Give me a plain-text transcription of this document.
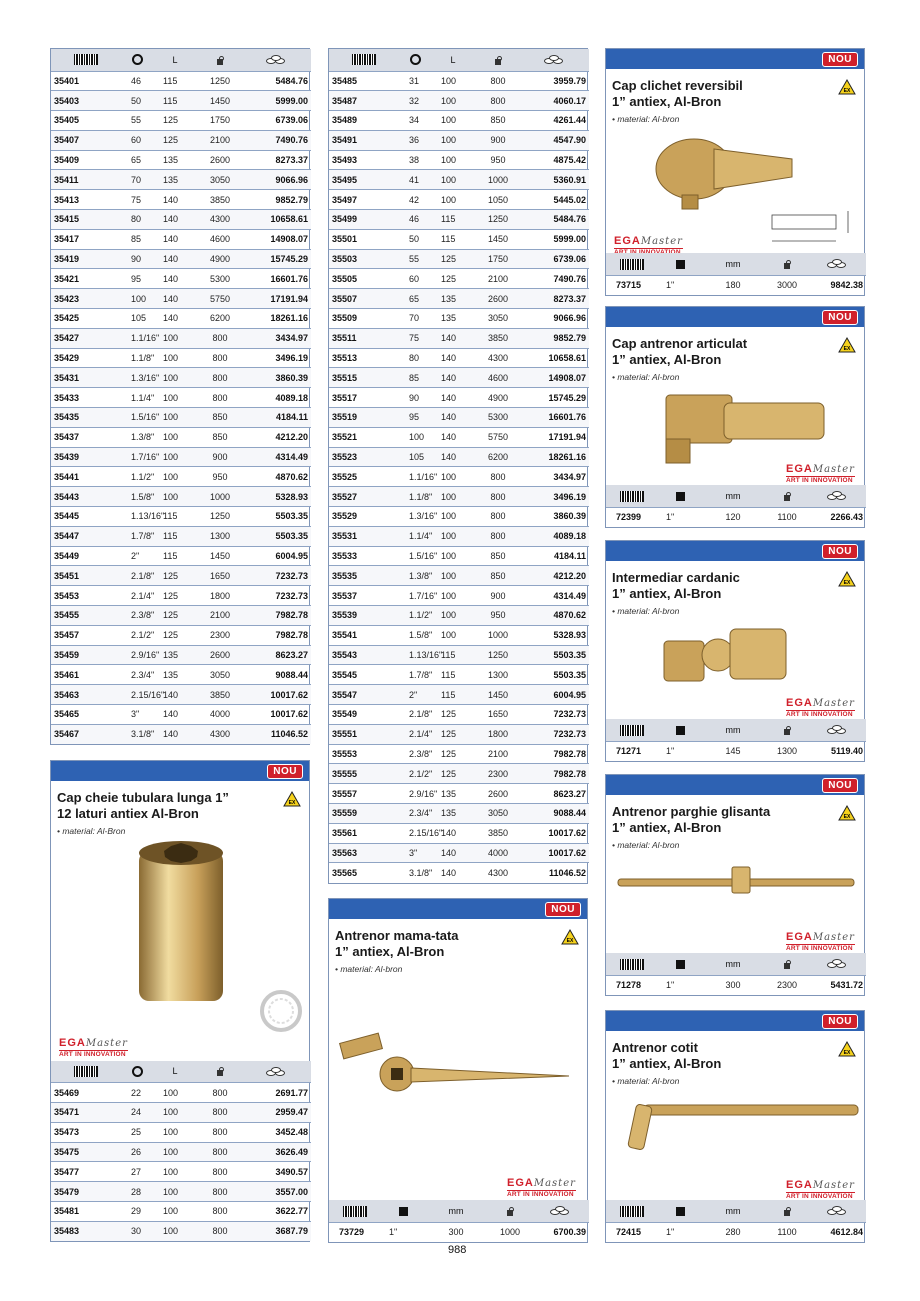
		L		

35401	46	115	1250	5484.76
35403	50	115	1450	5999.00
35405	55	125	1750	6739.06
35407	60	125	2100	7490.76
35409	65	135	2600	8273.37
35411	70	135	3050	9066.96
35413	75	140	3850	9852.79
35415	80	140	4300	10658.61
35417	85	140	4600	14908.07
35419	90	140	4900	15745.29
35421	95	140	5300	16601.76
35423	100	140	5750	17191.94
35425	105	140	6200	18261.16
35427	1.1/16"	100	800	3434.97
35429	1.1/8"	100	800	3496.19
35431	1.3/16"	100	800	3860.39
35433	1.1/4"	100	800	4089.18
35435	1.5/16"	100	850	4184.11
35437	1.3/8"	100	850	4212.20
35439	1.7/16"	100	900	4314.49
35441	1.1/2"	100	950	4870.62
35443	1.5/8"	100	1000	5328.93
35445	1.13/16"	115	1250	5503.35
35447	1.7/8"	115	1300	5503.35
35449	2"	115	1450	6004.95
35451	2.1/8"	125	1650	7232.73
35453	2.1/4"	125	1800	7232.73
35455	2.3/8"	125	2100	7982.78
35457	2.1/2"	125	2300	7982.78
35459	2.9/16"	135	2600	8623.27
35461	2.3/4"	135	3050	9088.44
35463	2.15/16"	140	3850	10017.62
35465	3"	140	4000	10017.62
35467	3.1/8"	140	4300	11046.52
		L		

35485	31	100	800	3959.79
35487	32	100	800	4060.17
35489	34	100	850	4261.44
35491	36	100	900	4547.90
35493	38	100	950	4875.42
35495	41	100	1000	5360.91
35497	42	100	1050	5445.02
35499	46	115	1250	5484.76
35501	50	115	1450	5999.00
35503	55	125	1750	6739.06
35505	60	125	2100	7490.76
35507	65	135	2600	8273.37
35509	70	135	3050	9066.96
35511	75	140	3850	9852.79
35513	80	140	4300	10658.61
35515	85	140	4600	14908.07
35517	90	140	4900	15745.29
35519	95	140	5300	16601.76
35521	100	140	5750	17191.94
35523	105	140	6200	18261.16
35525	1.1/16"	100	800	3434.97
35527	1.1/8"	100	800	3496.19
35529	1.3/16"	100	800	3860.39
35531	1.1/4"	100	800	4089.18
35533	1.5/16"	100	850	4184.11
35535	1.3/8"	100	850	4212.20
35537	1.7/16"	100	900	4314.49
35539	1.1/2"	100	950	4870.62
35541	1.5/8"	100	1000	5328.93
35543	1.13/16"	115	1250	5503.35
35545	1.7/8"	115	1300	5503.35
35547	2"	115	1450	6004.95
35549	2.1/8"	125	1650	7232.73
35551	2.1/4"	125	1800	7232.73
35553	2.3/8"	125	2100	7982.78
35555	2.1/2"	125	2300	7982.78
35557	2.9/16"	135	2600	8623.27
35559	2.3/4"	135	3050	9088.44
35561	2.15/16"	140	3850	10017.62
35563	3"	140	4000	10017.62
35565	3.1/8"	140	4300	11046.52
NOU
Cap cheie tubulara lunga 1”
12 laturi antiex Al-Bron
EX
• material: Al-Bron
EGAMaster
ART IN INNOVATION
		L		

35469	22	100	800	2691.77
35471	24	100	800	2959.47
35473	25	100	800	3452.48
35475	26	100	800	3626.49
35477	27	100	800	3490.57
35479	28	100	800	3557.00
35481	29	100	800	3622.77
35483	30	100	800	3687.79
NOU
Antrenor mama-tata
1” antiex, Al-Bron
EX
• material: Al-bron
EGAMaster
ART IN INNOVATION
		mm		

73729	1"	300	1000	6700.39
NOU
Cap clichet reversibil
1” antiex, Al-Bron
EX
• material: Al-bron
EGAMaster
		mm		

73715	1"	180	3000	9842.38
NOU
Cap antrenor articulat
1” antiex, Al-Bron
EX
• material: Al-bron
EGAMaster
ART IN INNOVATION
		mm		

72399	1"	120	1100	2266.43
NOU
Intermediar cardanic
1” antiex, Al-Bron
EX
• material: Al-bron
EGAMaster
ART IN INNOVATION
		mm		

71271	1"	145	1300	5119.40
NOU
Antrenor parghie glisanta
1” antiex, Al-Bron
EX
• material: Al-bron
EGAMaster
ART IN INNOVATION
		mm		

71278	1"	300	2300	5431.72
NOU
Antrenor cotit
1” antiex, Al-Bron
EX
• material: Al-bron
EGAMaster
ART IN INNOVATION
		mm		

72415	1"	280	1100	4612.84
988
